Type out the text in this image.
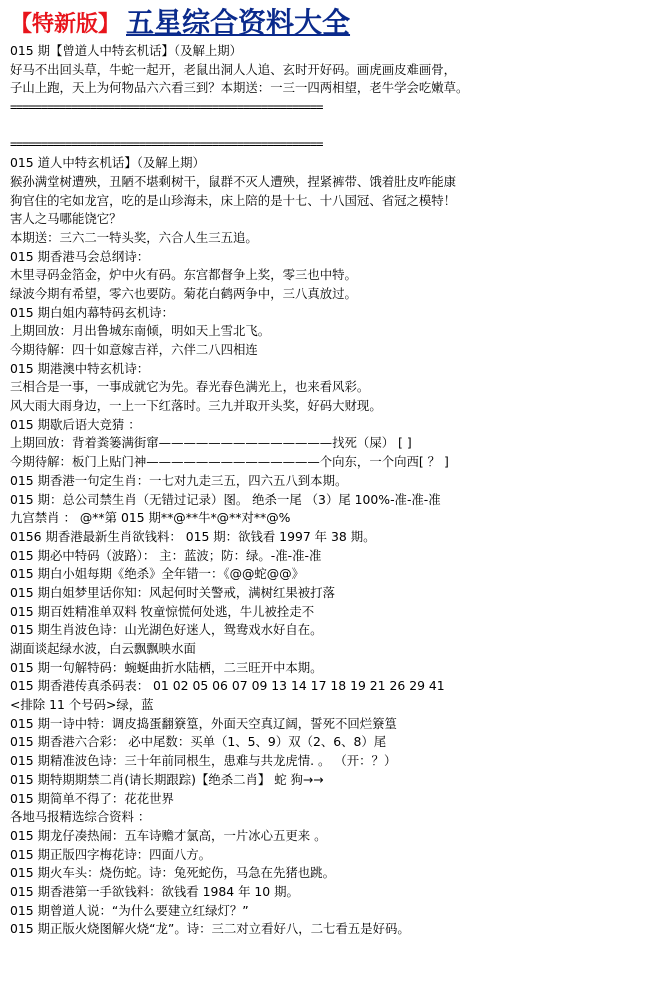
【特新版】 五星综合资料大全
015 期【曾道人中特玄机话】（及解上期）
好马不出回头草，牛蛇一起开，老鼠出洞人人追、玄时开好码。画虎画皮难画骨，
子山上跑，天上为何物品六六看三到？本期送：一三一四两相望，老牛学会吃嫩草。
===================================================
===================================================
015 道人中特玄机话】（及解上期）
猴孙满堂树遭殃，丑陋不堪剩树干，鼠群不灭人遭殃，捏紧裤带、饿着肚皮咋能康
狗官住的宅如龙宫，吃的是山珍海未，床上陪的是十七、十八国冠、省冠之模特！
害人之马哪能饶它？
本期送：三六二一特头奖，六合人生三五追。
015 期香港马会总纲诗：
木里寻码金箔金，炉中火有码。东宫都督争上奖，零三也中特。
绿波今期有希望，零六也要防。菊花白鹤两争中，三八真放过。
015 期白姐内幕特码玄机诗：
上期回放：月出鲁城东南倾，明如天上雪北飞。
今期待解：四十如意嫁吉祥，六伴二八四相连
015 期港澳中特玄机诗：
三相合是一事，一事成就它为先。春光春色满光上，也来看风彩。
风大雨大雨身边，一上一下红落时。三九并取开头奖，好码大财现。
015 期歇后语大竞猜 ：
上期回放：背着粪篓满街窜——————————————找死（屎） [ ]
今期待解：板门上贴门神——————————————个向东，一个向西[ ？ ]
015 期香港一句定生肖：一七对九走三五，四六五八到本期。
015 期：总公司禁生肖（无错过记录）图。 绝杀一尾 （3）尾 100%-准-准-准
九宫禁肖 ： @**第 015 期**@**牛*@**对**@%
0156 期香港最新生肖欲钱料： 015 期：欲钱看 1997 年 38 期。
015 期必中特码（波路）： 主：蓝波；防：绿。-准-准-准
015 期白小姐每期《绝杀》全年错一：《@@蛇@@》
015 期白姐梦里话你知：风起何时关警戒，满树红果被打落
015 期百姓精准单双料 牧童惊慌何处逃，牛儿被拴走不
015 期生肖波色诗：山光湖色好迷人，鸳鸯戏水好自在。
湖面谈起绿水波，白云飘飘映水面
015 期一句解特码：蜿蜒曲折水陆栖，二三旺开中本期。
015 期香港传真杀码表： 01 02 05 06 07 09 13 14 17 18 19 21 26 29 41
<排除 11 个号码>绿，蓝
015 期一诗中特：调皮捣蛋翻簝篁，外面天空真辽阔，誓死不回烂簝篁
015 期香港六合彩： 必中尾数：买单（1、5、9）双（2、6、8）尾
015 期精准波色诗：三十年前同根生，患难与共龙虎情. 。 （开：？）
015 期特期期禁二肖(请长期跟踪)【绝杀二肖】 蛇 狗→→
015 期简单不得了：花花世界
各地马报精选综合资料 ：
015 期龙仔凑热闹：五车诗赡才氯高，一片冰心五更来 。
015 期正版四字梅花诗：四面八方。
015 期火车头：烧伤蛇。诗：兔死蛇伤，马急在先猪也跳。
015 期香港第一手欲钱料：欲钱看 1984 年 10 期。
015 期曾道人说：“为什么要建立红绿灯？”
015 期正版火烧图解火烧“龙”。诗：三二对立看好八，二七看五是好码。
